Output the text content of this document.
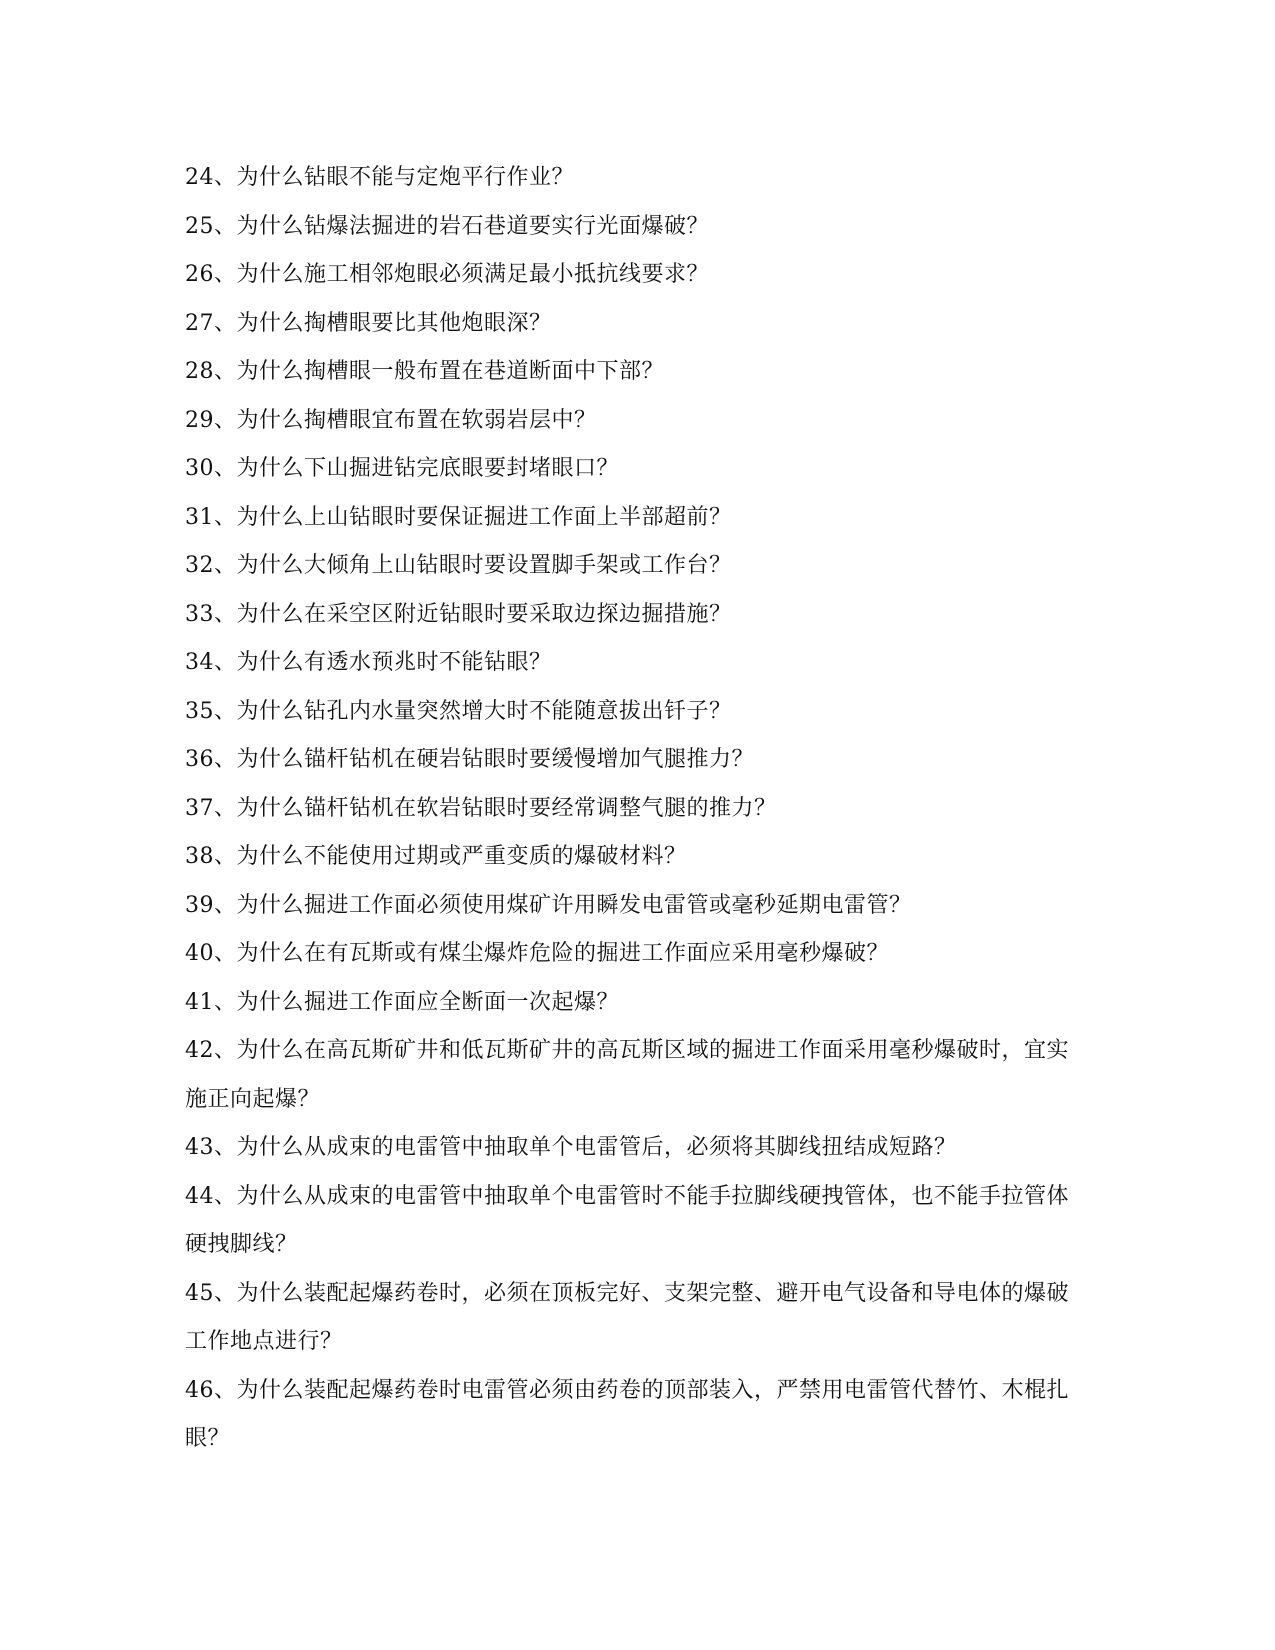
24、为什么钻眼不能与定炮平行作业？

25、为什么钻爆法掘进的岩石巷道要实行光面爆破？

26、为什么施工相邻炮眼必须满足最小抵抗线要求？

27、为什么掏槽眼要比其他炮眼深？

28、为什么掏槽眼一般布置在巷道断面中下部？

29、为什么掏槽眼宜布置在软弱岩层中？

30、为什么下山掘进钻完底眼要封堵眼口？

31、为什么上山钻眼时要保证掘进工作面上半部超前？

32、为什么大倾角上山钻眼时要设置脚手架或工作台？

33、为什么在采空区附近钻眼时要采取边探边掘措施？

34、为什么有透水预兆时不能钻眼？

35、为什么钻孔内水量突然增大时不能随意拔出钎子？

36、为什么锚杆钻机在硬岩钻眼时要缓慢增加气腿推力？

37、为什么锚杆钻机在软岩钻眼时要经常调整气腿的推力？

38、为什么不能使用过期或严重变质的爆破材料？

39、为什么掘进工作面必须使用煤矿许用瞬发电雷管或毫秒延期电雷管？

40、为什么在有瓦斯或有煤尘爆炸危险的掘进工作面应采用毫秒爆破？

41、为什么掘进工作面应全断面一次起爆？

42、为什么在高瓦斯矿井和低瓦斯矿井的高瓦斯区域的掘进工作面采用毫秒爆破时，宜实施正向起爆？

43、为什么从成束的电雷管中抽取单个电雷管后，必须将其脚线扭结成短路？

44、为什么从成束的电雷管中抽取单个电雷管时不能手拉脚线硬拽管体，也不能手拉管体硬拽脚线？

45、为什么装配起爆药卷时，必须在顶板完好、支架完整、避开电气设备和导电体的爆破工作地点进行？

46、为什么装配起爆药卷时电雷管必须由药卷的顶部装入，严禁用电雷管代替竹、木棍扎眼？
